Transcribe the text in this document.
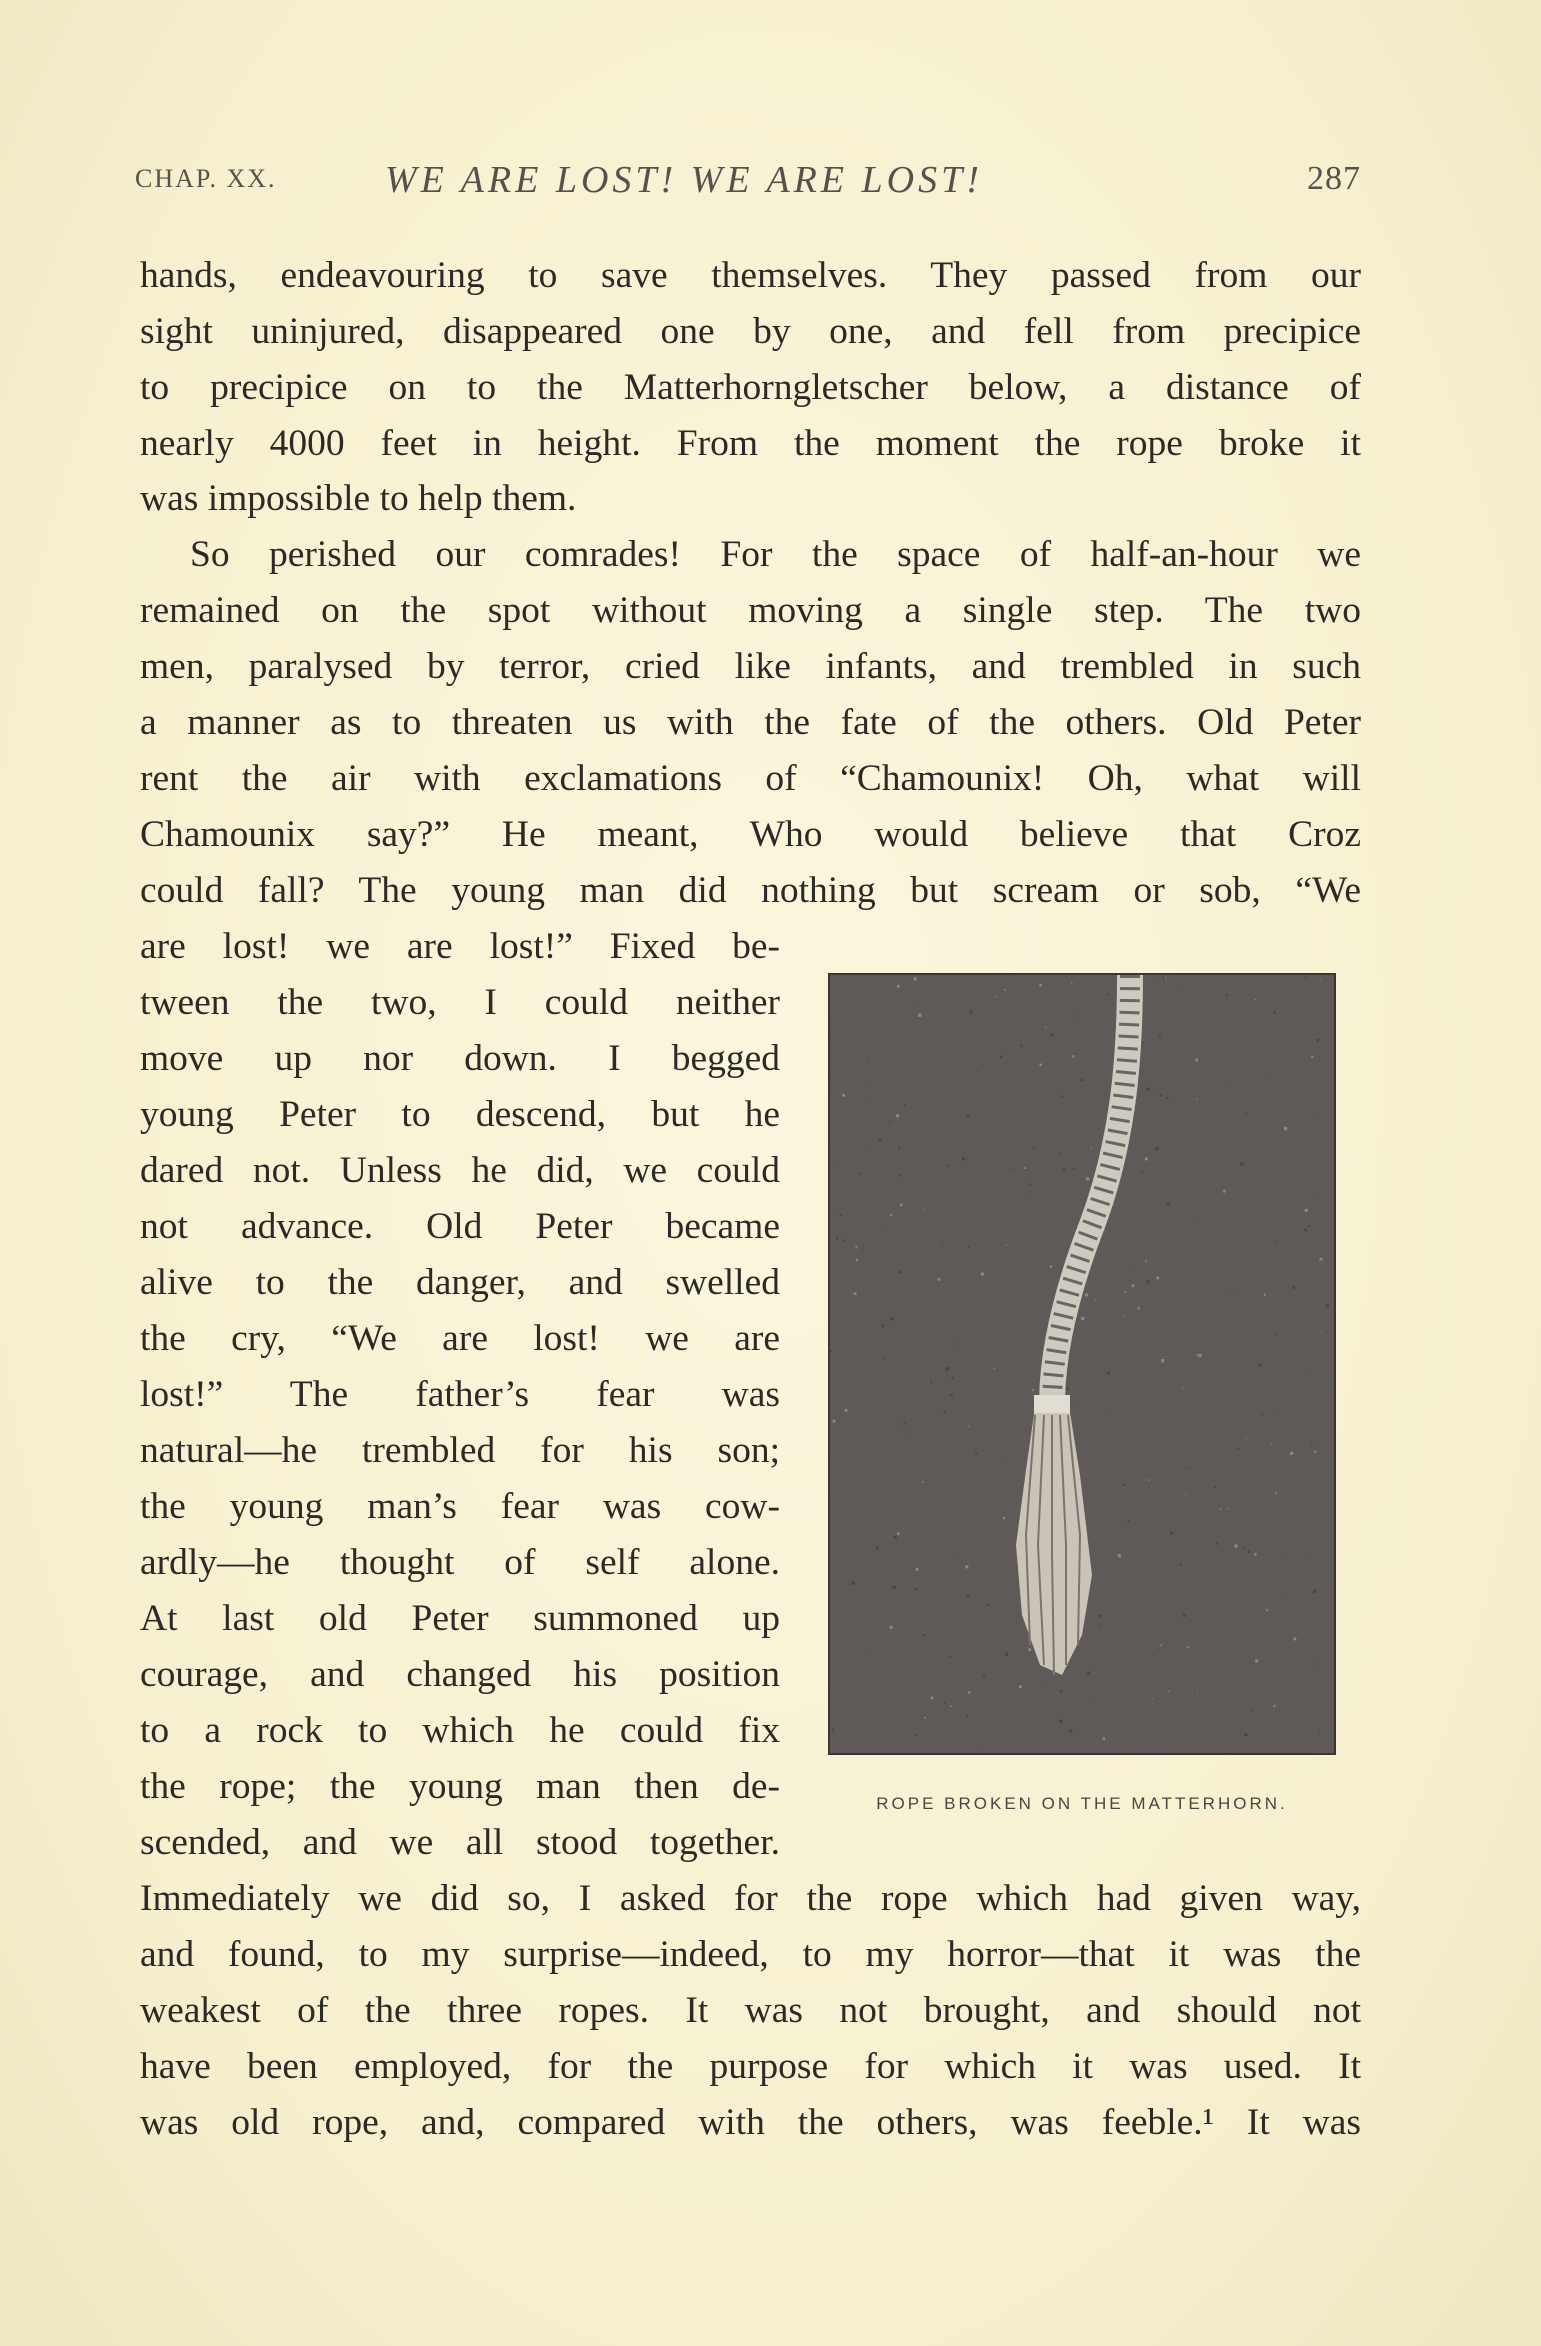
CHAP. XX.	WE ARE LOST! WE ARE LOST!	287
hands, endeavouring to save themselves. They passed from our
sight uninjured, disappeared one by one, and fell from precipice
to precipice on to the Matterhorngletscher below, a distance of
nearly 4000 feet in height. From the moment the rope broke it
was impossible to help them.
So perished our comrades! For the space of half-an-hour we
remained on the spot without moving a single step. The two
men, paralysed by terror, cried like infants, and trembled in such
a manner as to threaten us with the fate of the others. Old Peter
rent the air with exclamations of “Chamounix! Oh, what will
Chamounix say?” He meant, Who would believe that Croz
could fall? The young man did nothing but scream or sob, “We
are lost! we are lost!” Fixed be-
tween the two, I could neither
move up nor down. I begged
young Peter to descend, but he
dared not. Unless he did, we could
not advance. Old Peter became
alive to the danger, and swelled
the cry, “We are lost! we are
lost!” The father’s fear was
natural—he trembled for his son;
the young man’s fear was cow-
ardly—he thought of self alone.
At last old Peter summoned up
courage, and changed his position
to a rock to which he could fix
the rope; the young man then de-
scended, and we all stood together.
Immediately we did so, I asked for the rope which had given way,
and found, to my surprise—indeed, to my horror—that it was the
weakest of the three ropes. It was not brought, and should not
have been employed, for the purpose for which it was used. It
was old rope, and, compared with the others, was feeble.¹ It was
ROPE BROKEN ON THE MATTERHORN.
